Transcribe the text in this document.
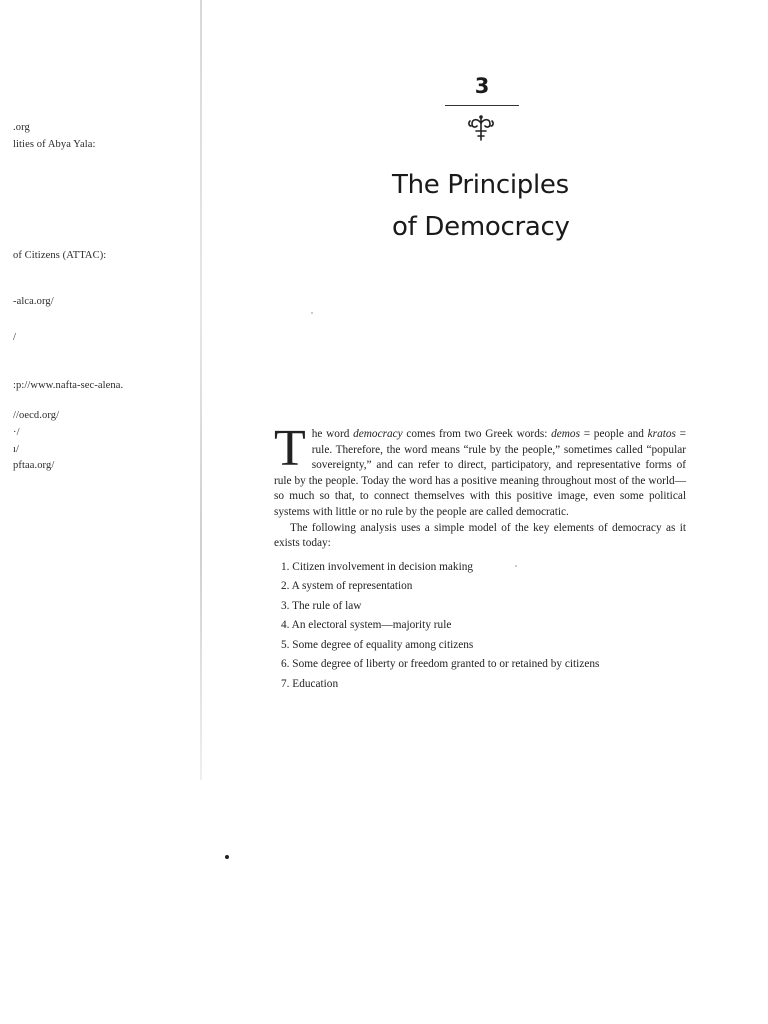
.org

lities of Abya Yala:

of Citizens (ATTAC):

-alca.org/

/

:p://www.nafta-sec-alena.

//oecd.org/

·/

ı/

pftaa.org/

3
The Principles
of Democracy

The word democracy comes from two Greek words: demos = people and kratos = rule. Therefore, the word means “rule by the people,” sometimes called “popular sovereignty,” and can refer to direct, participatory, and representative forms of rule by the people. Today the word has a positive meaning throughout most of the world—so much so that, to connect themselves with this positive image, even some political systems with little or no rule by the people are called democratic.

The following analysis uses a simple model of the key elements of democracy as it exists today:

1. Citizen involvement in decision making
2. A system of representation
3. The rule of law
4. An electoral system—majority rule
5. Some degree of equality among citizens
6. Some degree of liberty or freedom granted to or retained by citizens
7. Education
